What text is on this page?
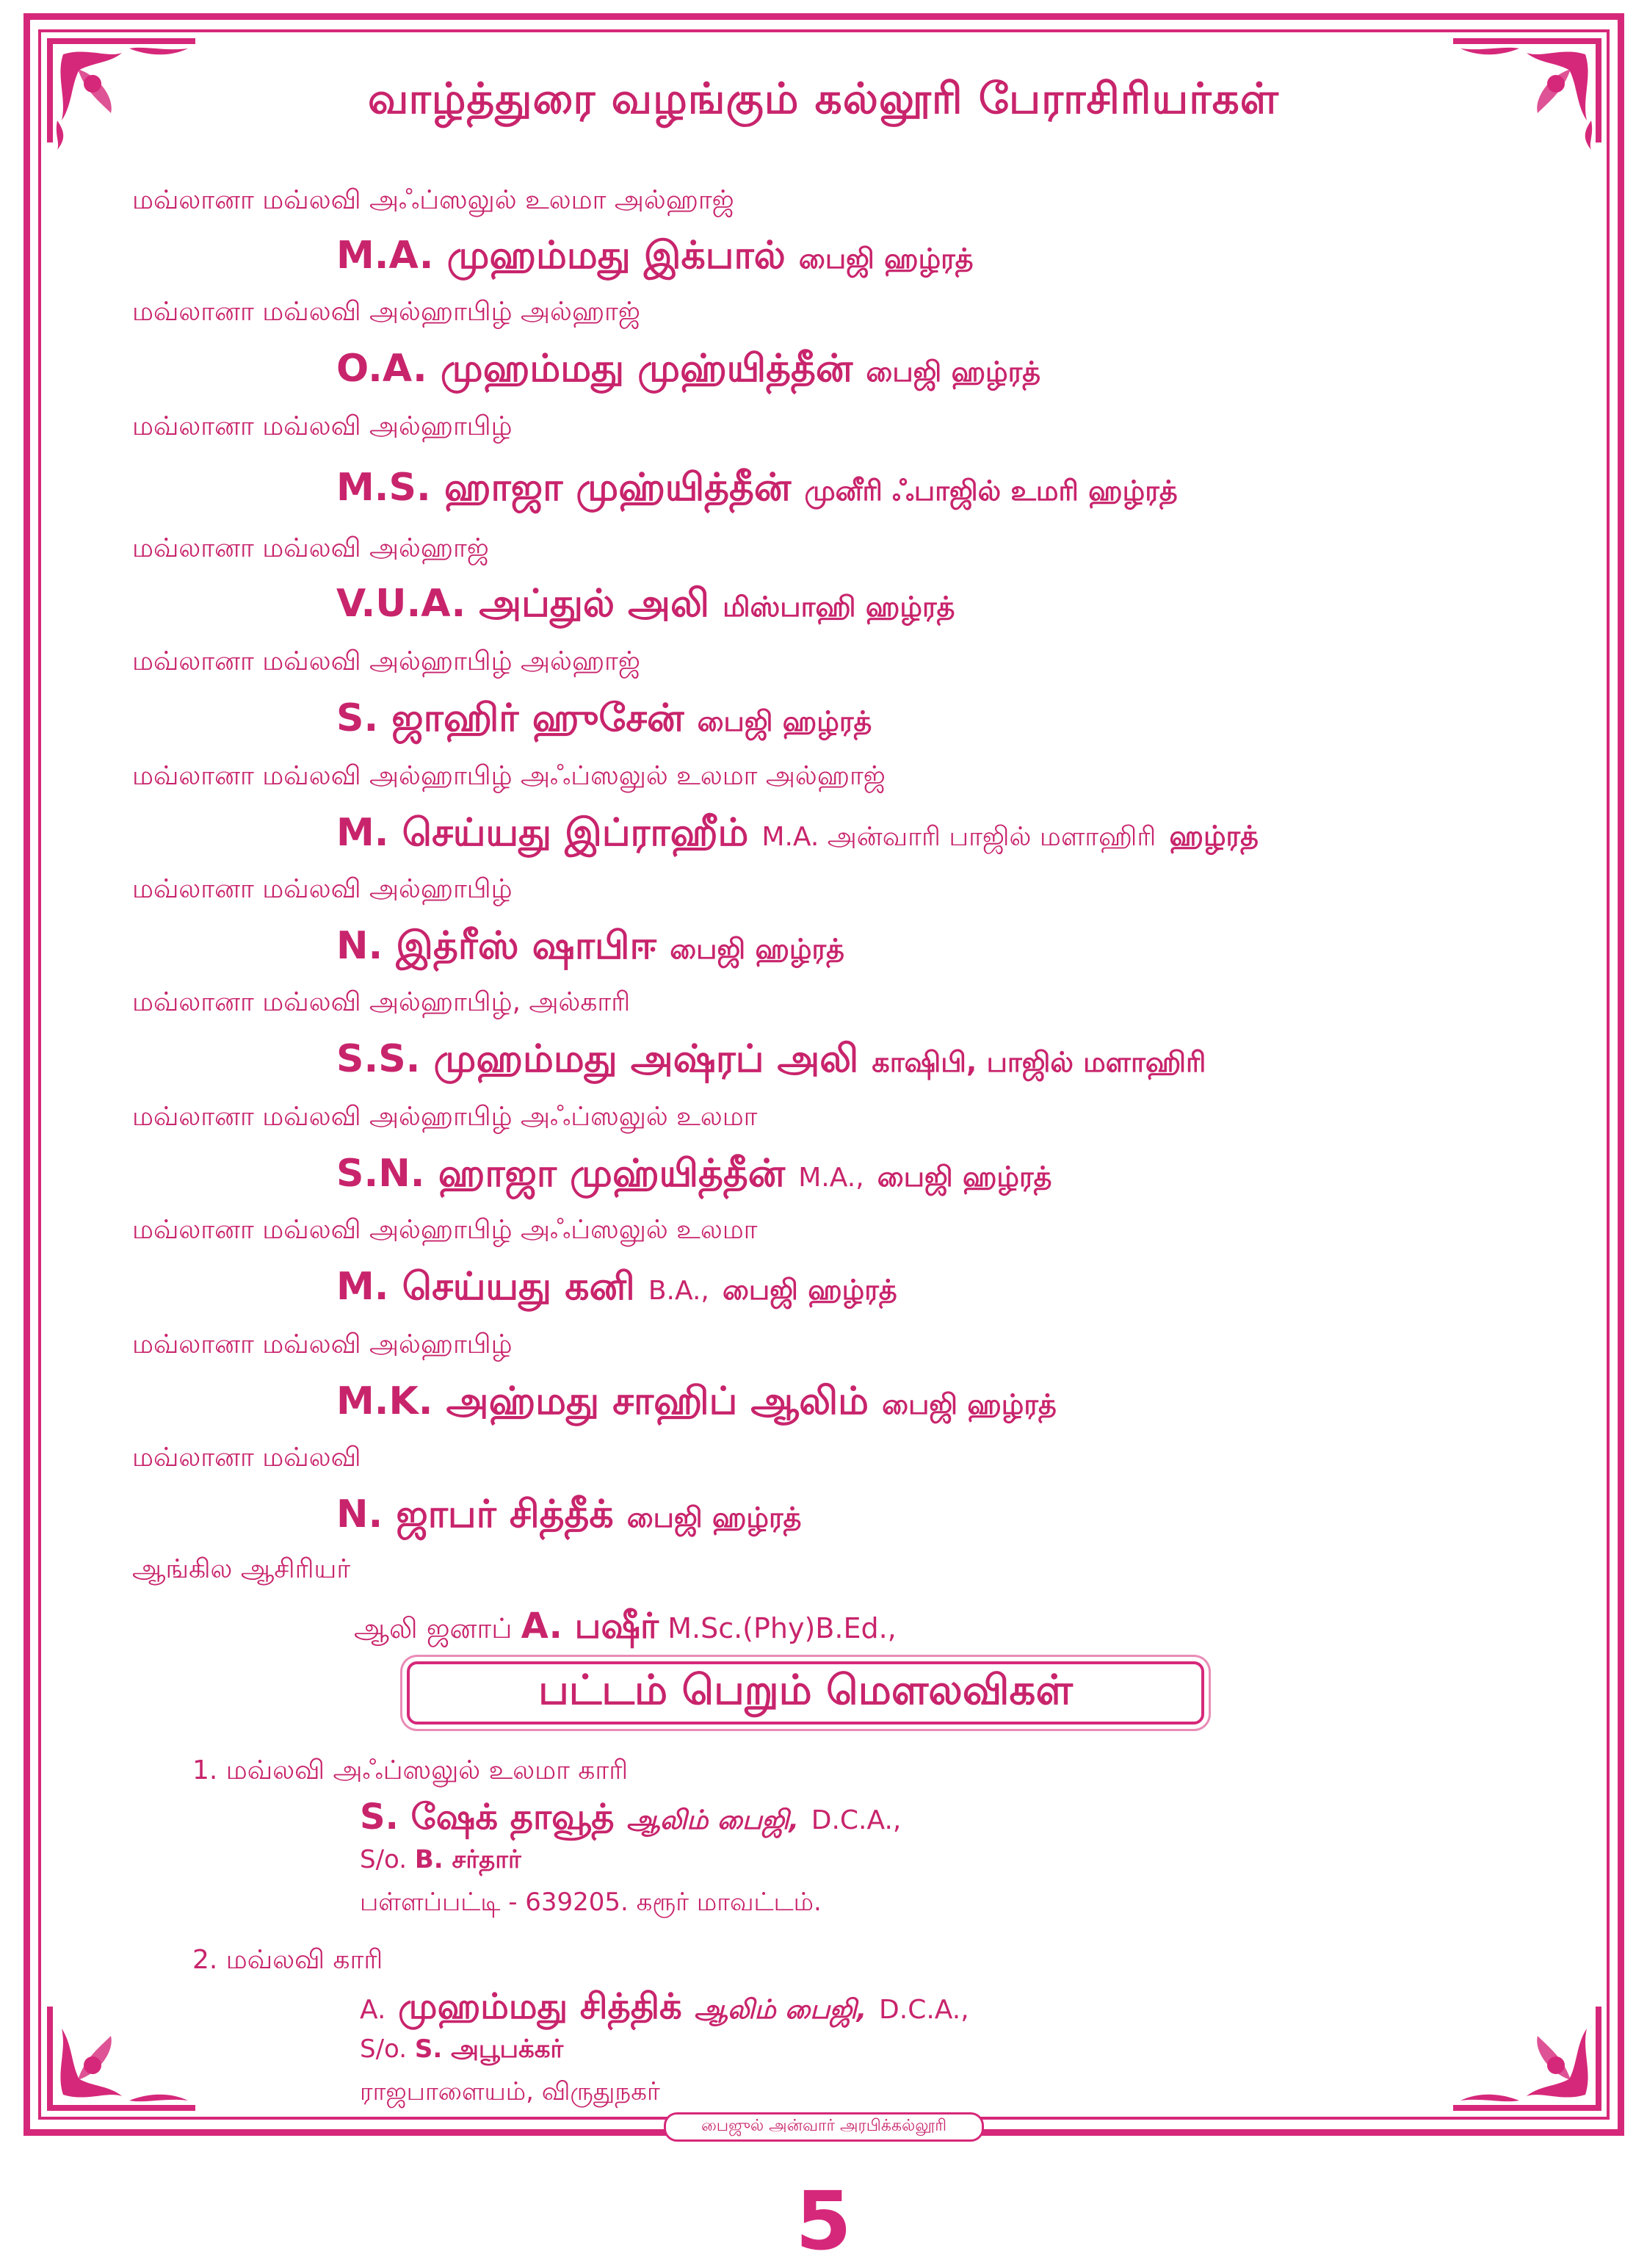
வாழ்த்துரை வழங்கும் கல்லூரி பேராசிரியர்கள்
மவ்லானா மவ்லவி அஃப்ஸலுல் உலமா அல்ஹாஜ்
M.A. முஹம்மது இக்பால் பைஜி ஹழ்ரத்
மவ்லானா மவ்லவி அல்ஹாபிழ் அல்ஹாஜ்
O.A. முஹம்மது முஹ்யித்தீன் பைஜி ஹழ்ரத்
மவ்லானா மவ்லவி அல்ஹாபிழ்
M.S. ஹாஜா முஹ்யித்தீன் முனீரி ஃபாஜில் உமரி ஹழ்ரத்
மவ்லானா மவ்லவி அல்ஹாஜ்
V.U.A. அப்துல் அலி மிஸ்பாஹி ஹழ்ரத்
மவ்லானா மவ்லவி அல்ஹாபிழ் அல்ஹாஜ்
S. ஜாஹிர் ஹுசேன் பைஜி ஹழ்ரத்
மவ்லானா மவ்லவி அல்ஹாபிழ் அஃப்ஸலுல் உலமா அல்ஹாஜ்
M. செய்யது இப்ராஹீம் M.A. அன்வாரி பாஜில் மளாஹிரி ஹழ்ரத்
மவ்லானா மவ்லவி அல்ஹாபிழ்
N. இத்ரீஸ் ஷாபிஈ பைஜி ஹழ்ரத்
மவ்லானா மவ்லவி அல்ஹாபிழ், அல்காரி
S.S. முஹம்மது அஷ்ரப் அலி காஷிபி, பாஜில் மளாஹிரி
மவ்லானா மவ்லவி அல்ஹாபிழ் அஃப்ஸலுல் உலமா
S.N. ஹாஜா முஹ்யித்தீன் M.A., பைஜி ஹழ்ரத்
மவ்லானா மவ்லவி அல்ஹாபிழ் அஃப்ஸலுல் உலமா
M. செய்யது கனி B.A., பைஜி ஹழ்ரத்
மவ்லானா மவ்லவி அல்ஹாபிழ்
M.K. அஹ்மது சாஹிப் ஆலிம் பைஜி ஹழ்ரத்
மவ்லானா மவ்லவி
N. ஜாபர் சித்தீக் பைஜி ஹழ்ரத்
ஆங்கில ஆசிரியர்
ஆலி ஜனாப் A. பஷீர் M.Sc.(Phy)B.Ed.,
பட்டம் பெறும் மௌலவிகள்
1. மவ்லவி அஃப்ஸலுல் உலமா காரி
S. ஷேக் தாவூத் ஆலிம் பைஜி, D.C.A.,
S/o. B. சர்தார்
பள்ளப்பட்டி - 639205. கரூர் மாவட்டம்.
2. மவ்லவி காரி
A. முஹம்மது சித்திக் ஆலிம் பைஜி, D.C.A.,
S/o. S. அபூபக்கர்
ராஜபாளையம், விருதுநகர்
பைஜுல் அன்வார் அரபிக்கல்லூரி
5
